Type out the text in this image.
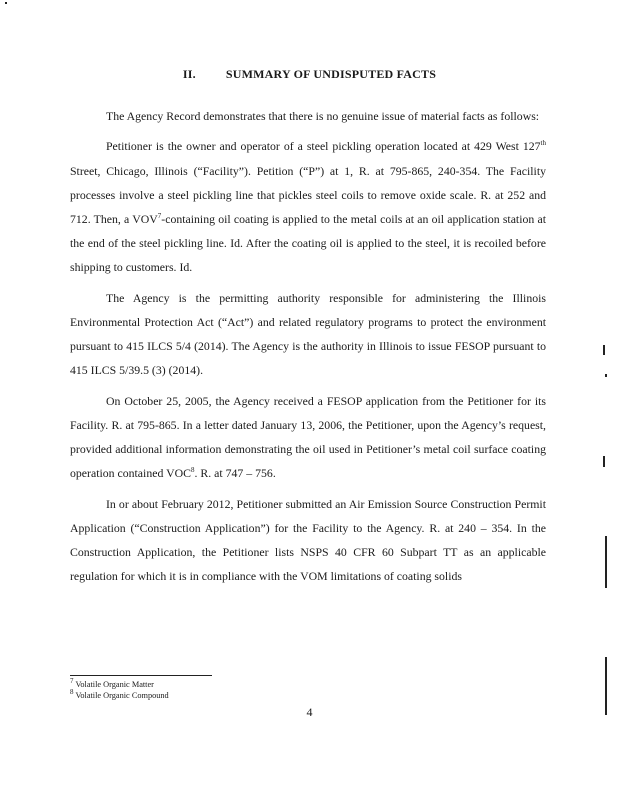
II.	SUMMARY OF UNDISPUTED FACTS

The Agency Record demonstrates that there is no genuine issue of material facts as follows:

Petitioner is the owner and operator of a steel pickling operation located at 429 West 127th Street, Chicago, Illinois (“Facility”). Petition (“P”) at 1, R. at 795-865, 240-354. The Facility processes involve a steel pickling line that pickles steel coils to remove oxide scale. R. at 252 and 712. Then, a VOV$^7$-containing oil coating is applied to the metal coils at an oil application station at the end of the steel pickling line. Id. After the coating oil is applied to the steel, it is recoiled before shipping to customers. Id.

The Agency is the permitting authority responsible for administering the Illinois Environmental Protection Act (“Act”) and related regulatory programs to protect the environment pursuant to 415 ILCS 5/4 (2014). The Agency is the authority in Illinois to issue FESOP pursuant to 415 ILCS 5/39.5 (3) (2014).

On October 25, 2005, the Agency received a FESOP application from the Petitioner for its Facility. R. at 795-865. In a letter dated January 13, 2006, the Petitioner, upon the Agency’s request, provided additional information demonstrating the oil used in Petitioner’s metal coil surface coating operation contained VOC$^8$. R. at 747 – 756.

In or about February 2012, Petitioner submitted an Air Emission Source Construction Permit Application (“Construction Application”) for the Facility to the Agency. R. at 240 – 354. In the Construction Application, the Petitioner lists NSPS 40 CFR 60 Subpart TT as an applicable regulation for which it is in compliance with the VOM limitations of coating solids

$^7$ Volatile Organic Matter
$^8$ Volatile Organic Compound
4
